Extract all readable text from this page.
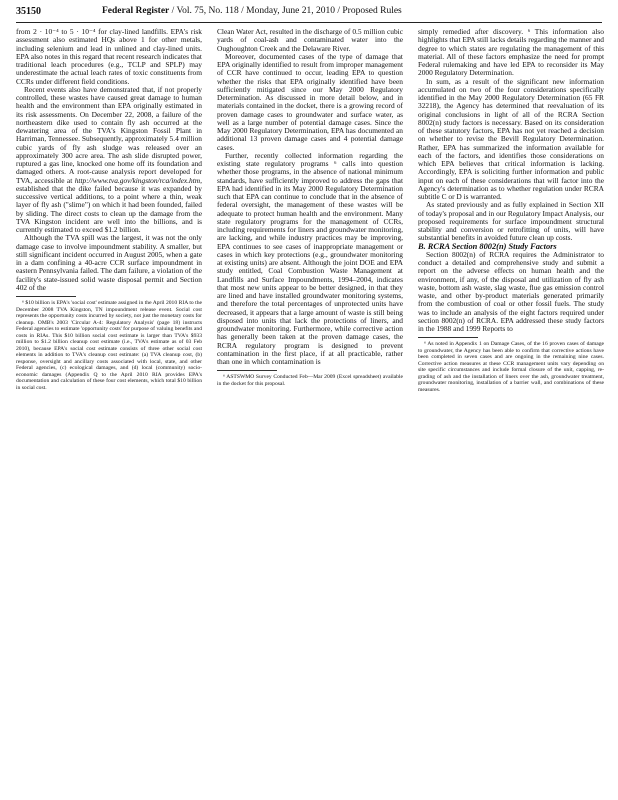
35150	Federal Register / Vol. 75, No. 118 / Monday, June 21, 2010 / Proposed Rules

from 2 · 10⁻⁴ to 5 · 10⁻⁴ for clay-lined landfills. EPA's risk assessment also estimated HQs above 1 for other metals, including selenium and lead in unlined and clay-lined units. EPA also notes in this regard that recent research indicates that traditional leach procedures (e.g., TCLP and SPLP) may underestimate the actual leach rates of toxic constituents from CCRs under different field conditions.

Recent events also have demonstrated that, if not properly controlled, these wastes have caused great damage to human health and the environment than EPA originally estimated in its risk assessments. On December 22, 2008, a failure of the northeastern dike used to contain fly ash occurred at the dewatering area of the TVA's Kingston Fossil Plant in Harriman, Tennessee. Subsequently, approximately 5.4 million cubic yards of fly ash sludge was released over an approximately 300 acre area. The ash slide disrupted power, ruptured a gas line, knocked one home off its foundation and damaged others. A root-cause analysis report developed for TVA, accessible at http://www.tva.gov/kingston/rca/index.htm, established that the dike failed because it was expanded by successive vertical additions, to a point where a thin, weak layer of fly ash ("slime") on which it had been founded, failed by sliding. The direct costs to clean up the damage from the TVA Kingston incident are well into the billions, and is currently estimated to exceed $1.2 billion.

Although the TVA spill was the largest, it was not the only damage case to involve impoundment stability. A smaller, but still significant incident occurred in August 2005, when a gate in a dam confining a 40-acre CCR surface impoundment in eastern Pennsylvania failed. The dam failure, a violation of the facility's state-issued solid waste disposal permit and Section 402 of the

⁶ $10 billion is EPA's 'social cost' estimate assigned in the April 2010 RIA to the December 2008 TVA Kingston, TN impoundment release event. Social cost represents the opportunity costs incurred by society, not just the monetary costs for cleanup. OMB's 2003 'Circular A-4: Regulatory Analysis' (page 18) instructs Federal agencies to estimate 'opportunity costs' for purpose of valuing benefits and costs in RIAs. This $10 billion social cost estimate is larger than TVA's $933 million to $1.2 billion cleanup cost estimate (i.e., TVA's estimate as of 03 Feb 2010), because EPA's social cost estimate consists of three other social cost elements in addition to TVA's cleanup cost estimate: (a) TVA cleanup cost, (b) response, oversight and ancillary costs associated with local, state, and other Federal agencies, (c) ecological damages, and (d) local (community) socio-economic damages (Appendix Q to the April 2010 RIA provides EPA's documentation and calculation of these four cost elements, which total $10 billion in social cost.

Clean Water Act, resulted in the discharge of 0.5 million cubic yards of coal-ash and contaminated water into the Oughoughton Creek and the Delaware River.

Moreover, documented cases of the type of damage that EPA originally identified to result from improper management of CCR have continued to occur, leading EPA to question whether the risks that EPA originally identified have been sufficiently mitigated since our May 2000 Regulatory Determination. As discussed in more detail below, and in materials contained in the docket, there is a growing record of proven damage cases to groundwater and surface water, as well as a large number of potential damage cases. Since the May 2000 Regulatory Determination, EPA has documented an additional 13 proven damage cases and 4 potential damage cases.

Further, recently collected information regarding the existing state regulatory programs ⁶ calls into question whether those programs, in the absence of national minimum standards, have sufficiently improved to address the gaps that EPA had identified in its May 2000 Regulatory Determination such that EPA can continue to conclude that in the absence of federal oversight, the management of these wastes will be adequate to protect human health and the environment. Many state regulatory programs for the management of CCRs, including requirements for liners and groundwater monitoring, are lacking, and while industry practices may be improving, EPA continues to see cases of inappropriate management or cases in which key protections (e.g., groundwater monitoring at existing units) are absent. Although the joint DOE and EPA study entitled, Coal Combustion Waste Management at Landfills and Surface Impoundments, 1994–2004, indicates that most new units appear to be better designed, in that they are lined and have installed groundwater monitoring systems, and therefore the total percentages of unprotected units have decreased, it appears that a large amount of waste is still being disposed into units that lack the protections of liners, and groundwater monitoring. Furthermore, while corrective action has generally been taken at the proven damage cases, the RCRA regulatory program is designed to prevent contamination in the first place, if at all practicable, rather than one in which contamination is

⁶ ASTSWMO Survey Conducted Feb—Mar 2009 (Excel spreadsheet) available in the docket for this proposal.

simply remedied after discovery. ⁶ This information also highlights that EPA still lacks details regarding the manner and degree to which states are regulating the management of this material. All of these factors emphasize the need for prompt Federal rulemaking and have led EPA to reconsider its May 2000 Regulatory Determination.

In sum, as a result of the significant new information accumulated on two of the four considerations specifically identified in the May 2000 Regulatory Determination (65 FR 32218), the Agency has determined that reevaluation of its original conclusions in light of all of the RCRA Section 8002(n) study factors is necessary. Based on its consideration of these statutory factors, EPA has not yet reached a decision on whether to revise the Bevill Regulatory Determination. Rather, EPA has summarized the information available for each of the factors, and identifies those considerations on which EPA believes that critical information is lacking. Accordingly, EPA is soliciting further information and public input on each of these considerations that will factor into the Agency's determination as to whether regulation under RCRA subtitle C or D is warranted.

As stated previously and as fully explained in Section XII of today's proposal and in our Regulatory Impact Analysis, our proposed requirements for surface impoundment structural stability and conversion or retrofitting of units, will have substantial benefits in avoided future clean up costs.

B. RCRA Section 8002(n) Study Factors

Section 8002(n) of RCRA requires the Administrator to conduct a detailed and comprehensive study and submit a report on the adverse effects on human health and the environment, if any, of the disposal and utilization of fly ash waste, bottom ash waste, slag waste, flue gas emission control waste, and other by-product materials generated primarily from the combustion of coal or other fossil fuels. The study was to include an analysis of the eight factors required under section 8002(n) of RCRA. EPA addressed these study factors in the 1988 and 1999 Reports to

⁶ As noted in Appendix 1 on Damage Cases, of the 16 proven cases of damage to groundwater, the Agency has been able to confirm that corrective actions have been completed in seven cases and are ongoing in the remaining nine cases. Corrective action measures at these CCR management units vary depending on site specific circumstances and include formal closure of the unit, capping, re-grading of ash and the installation of liners over the ash, groundwater treatment, groundwater monitoring, installation of a barrier wall, and combinations of these measures.
